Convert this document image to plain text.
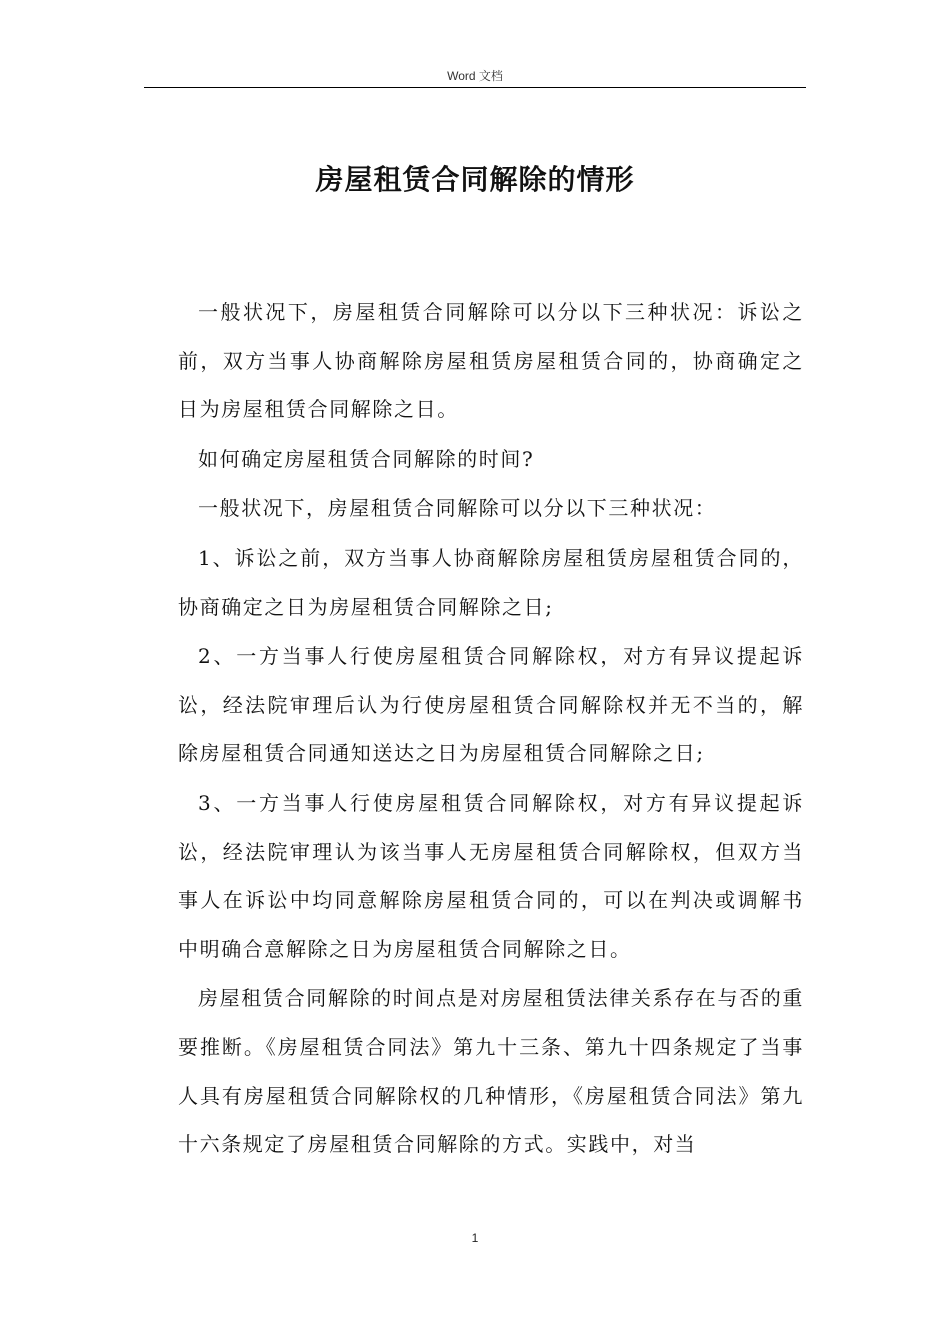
Word 文档
房屋租赁合同解除的情形

一般状况下，房屋租赁合同解除可以分以下三种状况：诉讼之前，双方当事人协商解除房屋租赁房屋租赁合同的，协商确定之日为房屋租赁合同解除之日。

如何确定房屋租赁合同解除的时间?

一般状况下，房屋租赁合同解除可以分以下三种状况：

1、诉讼之前，双方当事人协商解除房屋租赁房屋租赁合同的，协商确定之日为房屋租赁合同解除之日;

2、一方当事人行使房屋租赁合同解除权，对方有异议提起诉讼，经法院审理后认为行使房屋租赁合同解除权并无不当的，解除房屋租赁合同通知送达之日为房屋租赁合同解除之日;

3、一方当事人行使房屋租赁合同解除权，对方有异议提起诉讼，经法院审理认为该当事人无房屋租赁合同解除权，但双方当事人在诉讼中均同意解除房屋租赁合同的，可以在判决或调解书中明确合意解除之日为房屋租赁合同解除之日。

房屋租赁合同解除的时间点是对房屋租赁法律关系存在与否的重要推断。《房屋租赁合同法》第九十三条、第九十四条规定了当事人具有房屋租赁合同解除权的几种情形，《房屋租赁合同法》第九十六条规定了房屋租赁合同解除的方式。实践中，对当

1
